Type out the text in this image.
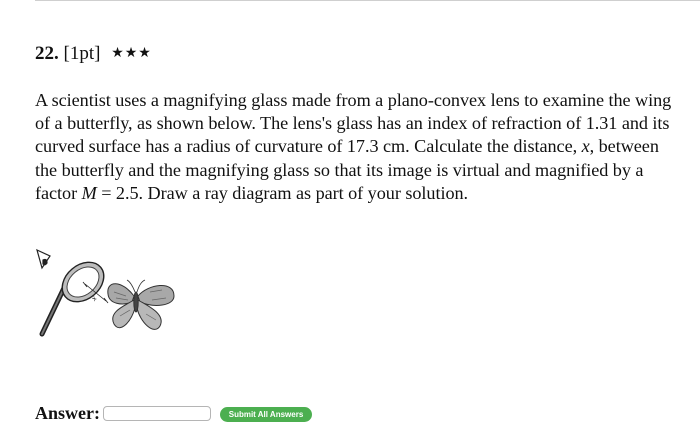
22. [1pt] ★★★
A scientist uses a magnifying glass made from a plano-convex lens to examine the wing
of a butterfly, as shown below. The lens's glass has an index of refraction of 1.31 and its
curved surface has a radius of curvature of 17.3 cm. Calculate the distance, x, between
the butterfly and the magnifying glass so that its image is virtual and magnified by a
factor M = 2.5. Draw a ray diagram as part of your solution.
x
Answer:	Submit All Answers
